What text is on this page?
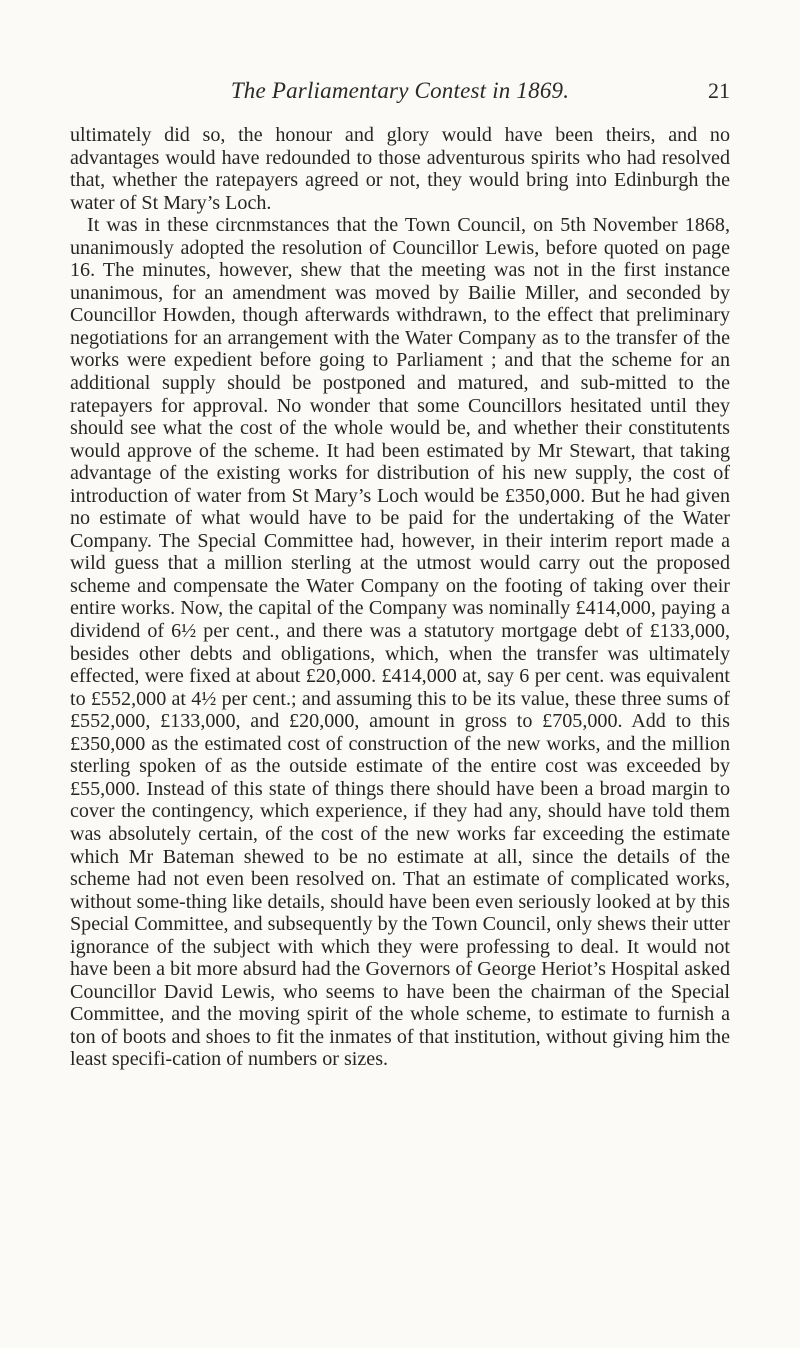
The Parliamentary Contest in 1869.	21

ultimately did so, the honour and glory would have been theirs, and no advantages would have redounded to those adventurous spirits who had resolved that, whether the ratepayers agreed or not, they would bring into Edinburgh the water of St Mary’s Loch.

It was in these circnmstances that the Town Council, on 5th November 1868, unanimously adopted the resolution of Councillor Lewis, before quoted on page 16. The minutes, however, shew that the meeting was not in the first instance unanimous, for an amendment was moved by Bailie Miller, and seconded by Councillor Howden, though afterwards withdrawn, to the effect that preliminary negotiations for an arrangement with the Water Company as to the transfer of the works were expedient before going to Parliament ; and that the scheme for an additional supply should be postponed and matured, and sub-mitted to the ratepayers for approval. No wonder that some Councillors hesitated until they should see what the cost of the whole would be, and whether their constitutents would approve of the scheme. It had been estimated by Mr Stewart, that taking advantage of the existing works for distribution of his new supply, the cost of introduction of water from St Mary’s Loch would be £350,000. But he had given no estimate of what would have to be paid for the undertaking of the Water Company. The Special Committee had, however, in their interim report made a wild guess that a million sterling at the utmost would carry out the proposed scheme and compensate the Water Company on the footing of taking over their entire works. Now, the capital of the Company was nominally £414,000, paying a dividend of 6½ per cent., and there was a statutory mortgage debt of £133,000, besides other debts and obligations, which, when the transfer was ultimately effected, were fixed at about £20,000. £414,000 at, say 6 per cent. was equivalent to £552,000 at 4½ per cent.; and assuming this to be its value, these three sums of £552,000, £133,000, and £20,000, amount in gross to £705,000. Add to this £350,000 as the estimated cost of construction of the new works, and the million sterling spoken of as the outside estimate of the entire cost was exceeded by £55,000. Instead of this state of things there should have been a broad margin to cover the contingency, which experience, if they had any, should have told them was absolutely certain, of the cost of the new works far exceeding the estimate which Mr Bateman shewed to be no estimate at all, since the details of the scheme had not even been resolved on. That an estimate of complicated works, without some-thing like details, should have been even seriously looked at by this Special Committee, and subsequently by the Town Council, only shews their utter ignorance of the subject with which they were professing to deal. It would not have been a bit more absurd had the Governors of George Heriot’s Hospital asked Councillor David Lewis, who seems to have been the chairman of the Special Committee, and the moving spirit of the whole scheme, to estimate to furnish a ton of boots and shoes to fit the inmates of that institution, without giving him the least specifi-cation of numbers or sizes.
